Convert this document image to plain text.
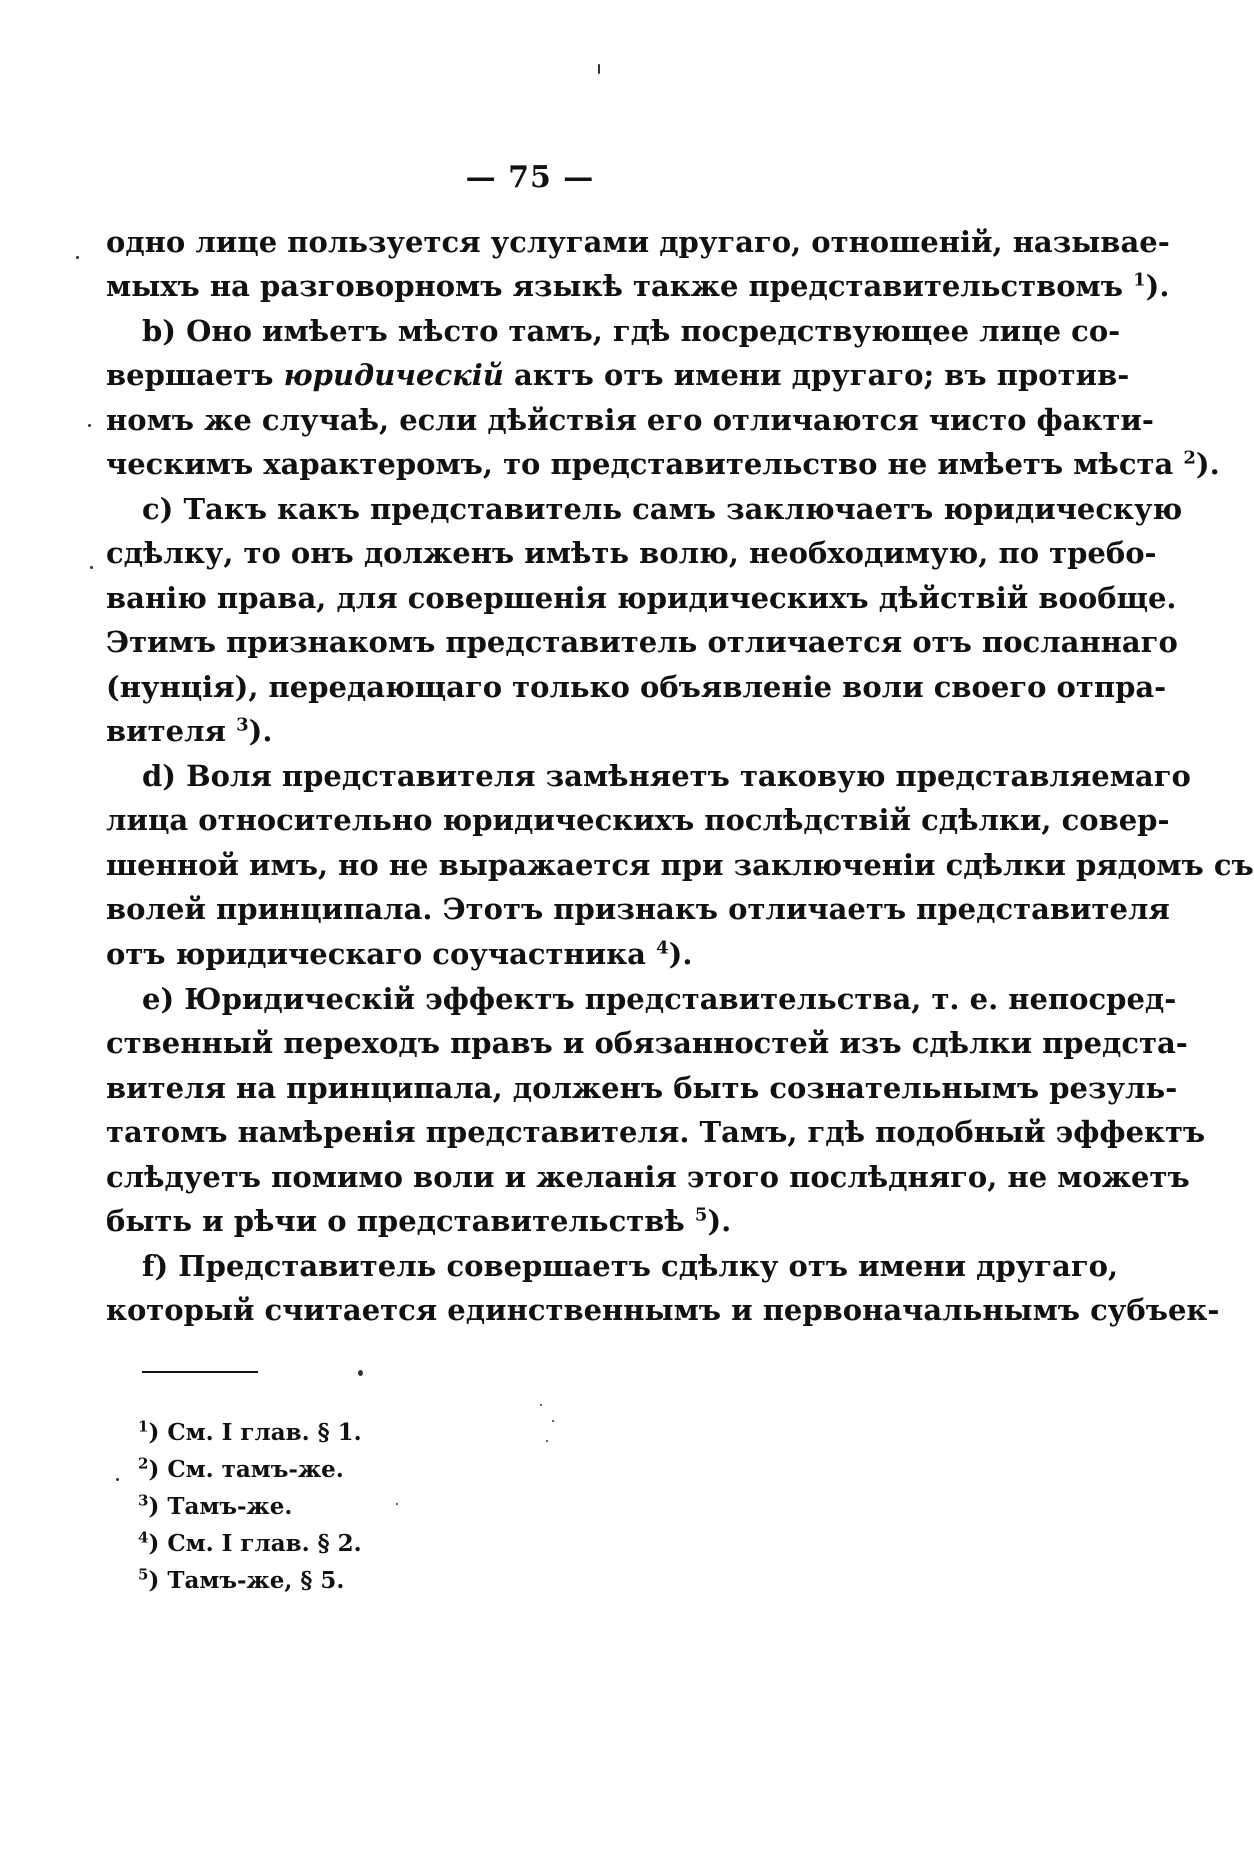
— 75 —
одно лице пользуется услугами другаго, отношеній, называе-
мыхъ на разговорномъ языкѣ также представительствомъ $^1$).
b) Оно имѣетъ мѣсто тамъ, гдѣ посредствующее лице со-
вершаетъ юридическій актъ отъ имени другаго; въ против-
номъ же случаѣ, если дѣйствія его отличаются чисто факти-
ческимъ характеромъ, то представительство не имѣетъ мѣста $^2$).
с) Такъ какъ представитель самъ заключаетъ юридическую
сдѣлку, то онъ долженъ имѣть волю, необходимую, по требо-
ванію права, для совершенія юридическихъ дѣйствій вообще.
Этимъ признакомъ представитель отличается отъ посланнаго
(нунція), передающаго только объявленіе воли своего отпра-
вителя $^3$).
d) Воля представителя замѣняетъ таковую представляемаго
лица относительно юридическихъ послѣдствій сдѣлки, совер-
шенной имъ, но не выражается при заключеніи сдѣлки рядомъ съ
волей принципала. Этотъ признакъ отличаетъ представителя
отъ юридическаго соучастника $^4$).
е) Юридическій эффектъ представительства, т. е. непосред-
ственный переходъ правъ и обязанностей изъ сдѣлки предста-
вителя на принципала, долженъ быть сознательнымъ резуль-
татомъ намѣренія представителя. Тамъ, гдѣ подобный эффектъ
слѣдуетъ помимо воли и желанія этого послѣдняго, не можетъ
быть и рѣчи о представительствѣ $^5$).
f) Представитель совершаетъ сдѣлку отъ имени другаго,
который считается единственнымъ и первоначальнымъ субъек-
$^1$) См. I глав. § 1.
$^2$) См. тамъ-же.
$^3$) Тамъ-же.
$^4$) См. I глав. § 2.
$^5$) Тамъ-же, § 5.
